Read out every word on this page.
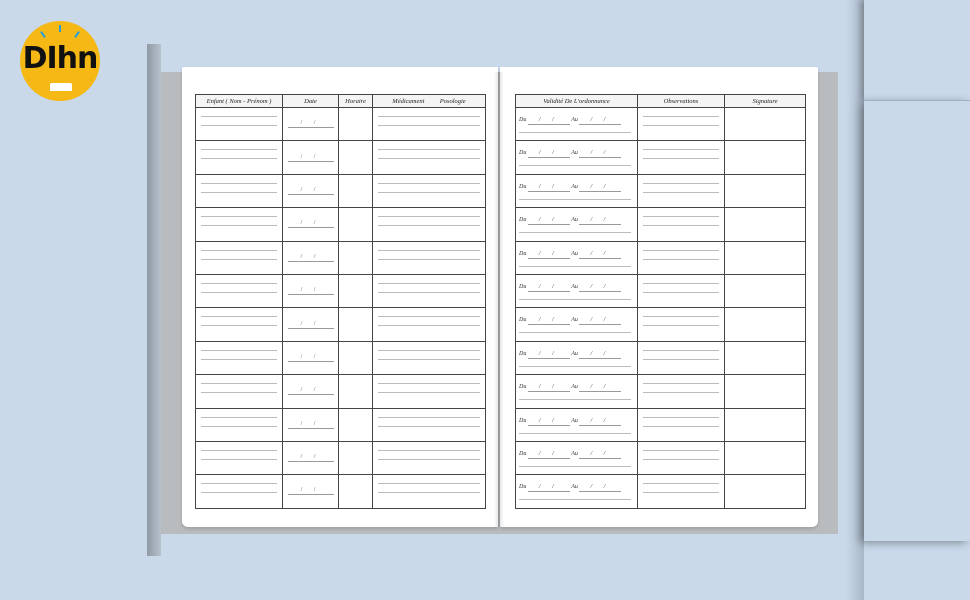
DIhn
Enfant ( Nom - Prénom )	Date	Horaire	Médicament Posologie

	/ /		

	/ /		

	/ /		

	/ /		

	/ /		

	/ /		

	/ /		

	/ /		

	/ /		

	/ /		

	/ /		

	/ /		
Validité De L'ordonnance	Observations	Signature

Du / / Au / /		

Du / / Au / /		

Du / / Au / /		

Du / / Au / /		

Du / / Au / /		

Du / / Au / /		

Du / / Au / /		

Du / / Au / /		

Du / / Au / /		

Du / / Au / /		

Du / / Au / /		

Du / / Au / /		
